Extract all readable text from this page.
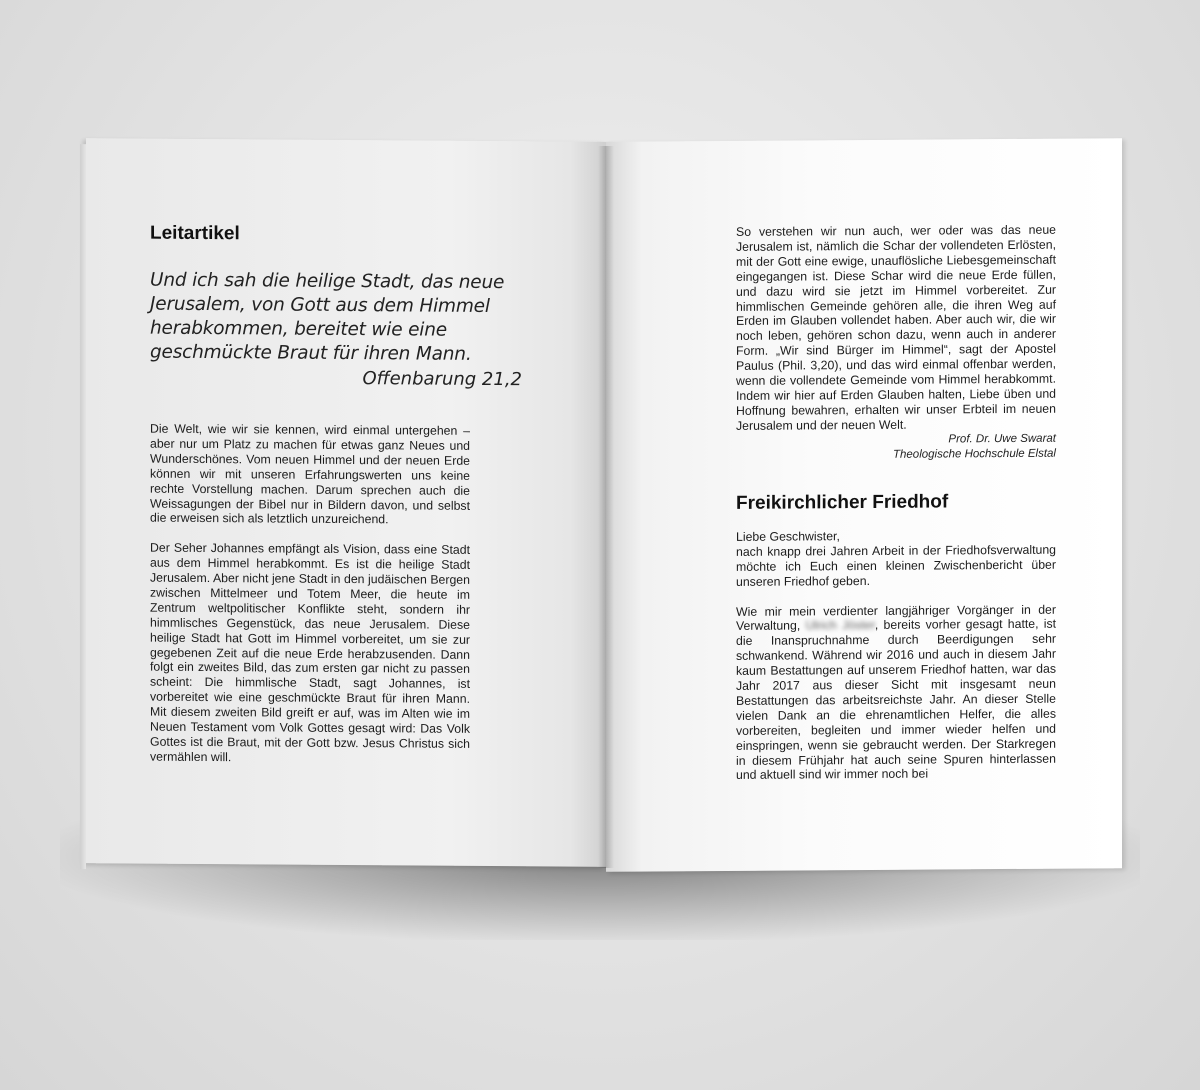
Leitartikel
Und ich sah die heilige Stadt, das neue Jerusalem, von Gott aus dem Himmel herabkommen, bereitet wie eine geschmückte Braut für ihren Mann.
Offenbarung 21,2

Die Welt, wie wir sie kennen, wird einmal untergehen – aber nur um Platz zu machen für etwas ganz Neues und Wunderschönes. Vom neuen Himmel und der neuen Erde können wir mit unseren Erfahrungswerten uns keine rechte Vorstellung machen. Darum sprechen auch die Weissagungen der Bibel nur in Bildern davon, und selbst die erweisen sich als letztlich unzureichend.

Der Seher Johannes empfängt als Vision, dass eine Stadt aus dem Himmel herabkommt. Es ist die heilige Stadt Jerusalem. Aber nicht jene Stadt in den judäischen Bergen zwischen Mittelmeer und Totem Meer, die heute im Zentrum weltpolitischer Konflikte steht, sondern ihr himmlisches Gegenstück, das neue Jerusalem. Diese heilige Stadt hat Gott im Himmel vorbereitet, um sie zur gegebenen Zeit auf die neue Erde herabzusenden. Dann folgt ein zweites Bild, das zum ersten gar nicht zu passen scheint: Die himmlische Stadt, sagt Johannes, ist vorbereitet wie eine geschmückte Braut für ihren Mann. Mit diesem zweiten Bild greift er auf, was im Alten wie im Neuen Testament vom Volk Gottes gesagt wird: Das Volk Gottes ist die Braut, mit der Gott bzw. Jesus Christus sich vermählen will.

So verstehen wir nun auch, wer oder was das neue Jerusalem ist, nämlich die Schar der vollendeten Erlösten, mit der Gott eine ewige, unauflösliche Liebesgemeinschaft eingegangen ist. Diese Schar wird die neue Erde füllen, und dazu wird sie jetzt im Himmel vorbereitet. Zur himmlischen Gemeinde gehören alle, die ihren Weg auf Erden im Glauben vollendet haben. Aber auch wir, die wir noch leben, gehören schon dazu, wenn auch in anderer Form. „Wir sind Bürger im Himmel“, sagt der Apostel Paulus (Phil. 3,20), und das wird einmal offenbar werden, wenn die vollendete Gemeinde vom Himmel herabkommt. Indem wir hier auf Erden Glauben halten, Liebe üben und Hoffnung bewahren, erhalten wir unser Erbteil im neuen Jerusalem und der neuen Welt.
Prof. Dr. Uwe Swarat
Theologische Hochschule Elstal
Freikirchlicher Friedhof
Liebe Geschwister,

nach knapp drei Jahren Arbeit in der Friedhofsverwaltung möchte ich Euch einen kleinen Zwischenbericht über unseren Friedhof geben.

Wie mir mein verdienter langjähriger Vorgänger in der Verwaltung, Ulrich Jöster, bereits vorher gesagt hatte, ist die Inanspruchnahme durch Beerdigungen sehr schwankend. Während wir 2016 und auch in diesem Jahr kaum Bestattungen auf unserem Friedhof hatten, war das Jahr 2017 aus dieser Sicht mit insgesamt neun Bestattungen das arbeitsreichste Jahr. An dieser Stelle vielen Dank an die ehrenamtlichen Helfer, die alles vorbereiten, begleiten und immer wieder helfen und einspringen, wenn sie gebraucht werden. Der Starkregen in diesem Frühjahr hat auch seine Spuren hinterlassen und aktuell sind wir immer noch bei
